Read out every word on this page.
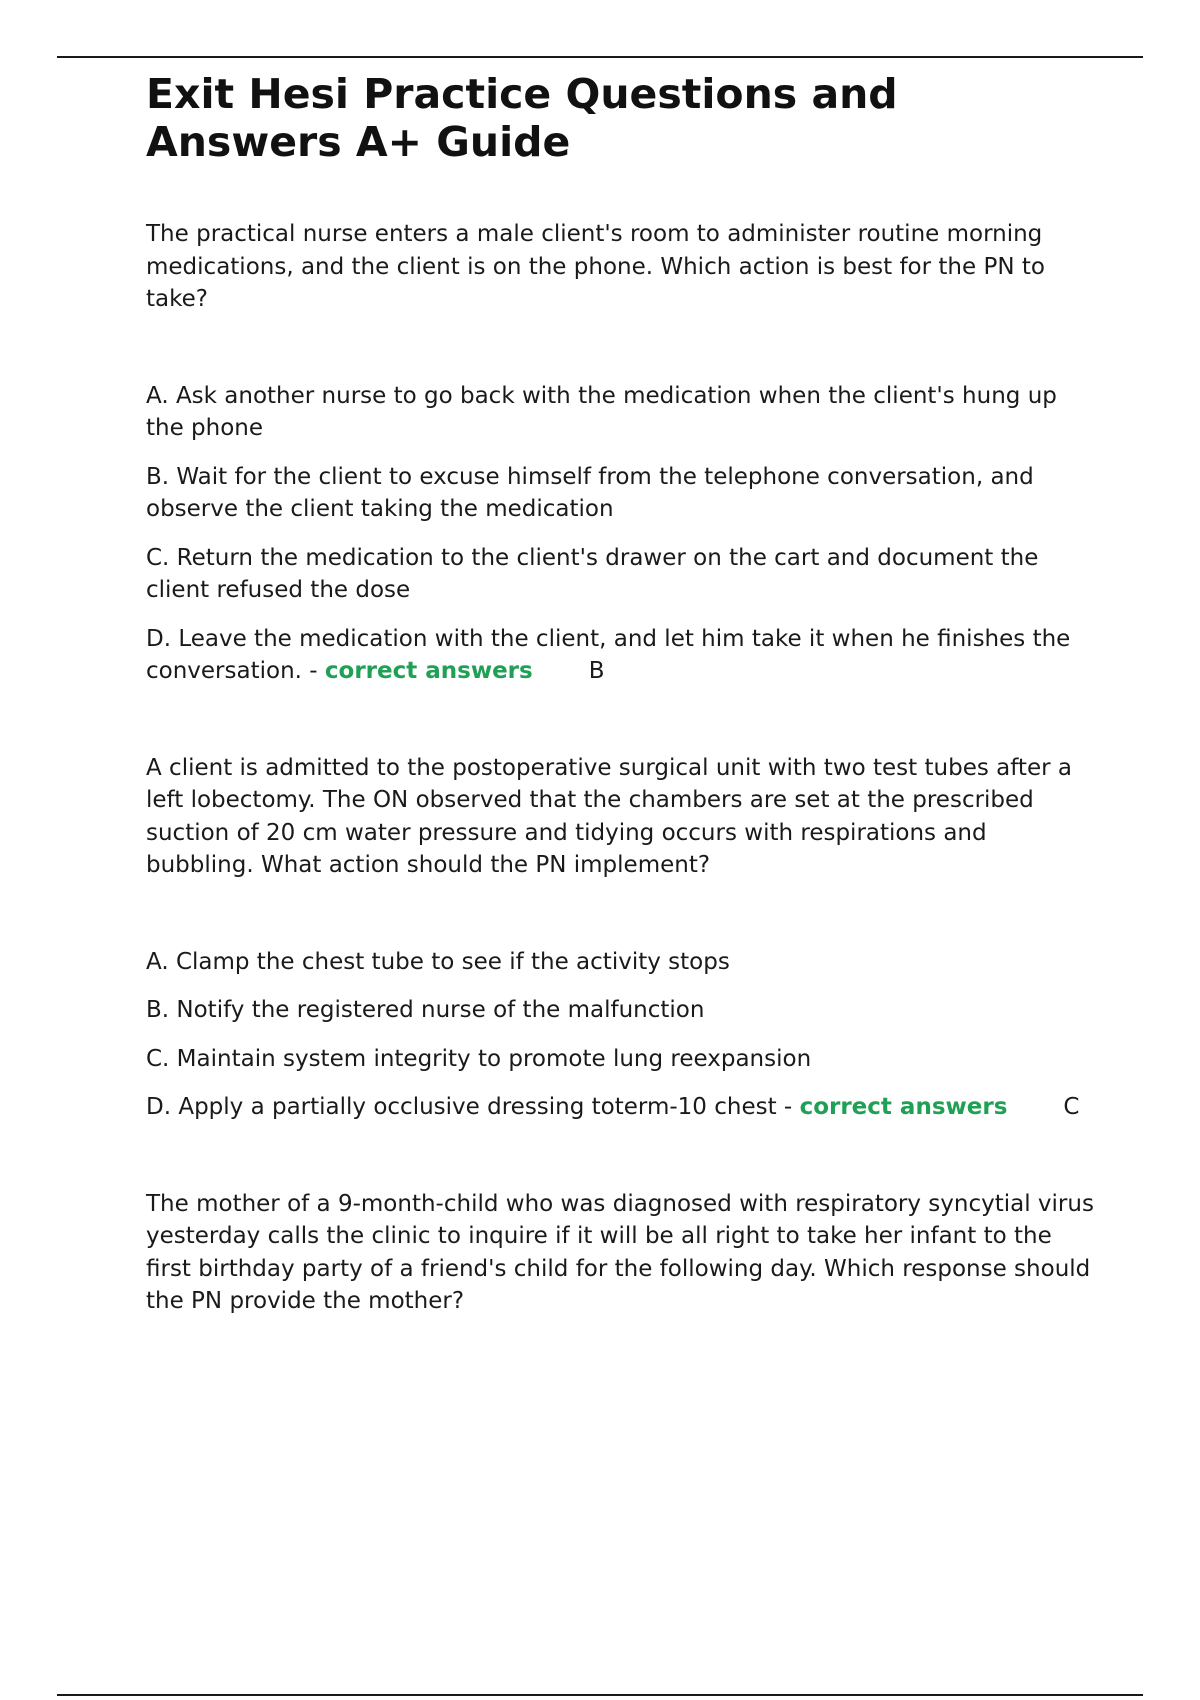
Exit Hesi Practice Questions and Answers A+ Guide

The practical nurse enters a male client's room to administer routine morning medications, and the client is on the phone. Which action is best for the PN to take?

A. Ask another nurse to go back with the medication when the client's hung up the phone

B. Wait for the client to excuse himself from the telephone conversation, and observe the client taking the medication

C. Return the medication to the client's drawer on the cart and document the client refused the dose

D. Leave the medication with the client, and let him take it when he finishes the conversation. - correct answers B

A client is admitted to the postoperative surgical unit with two test tubes after a left lobectomy. The ON observed that the chambers are set at the prescribed suction of 20 cm water pressure and tidying occurs with respirations and bubbling. What action should the PN implement?

A. Clamp the chest tube to see if the activity stops

B. Notify the registered nurse of the malfunction

C. Maintain system integrity to promote lung reexpansion

D. Apply a partially occlusive dressing toterm-10 chest - correct answers C

The mother of a 9-month-child who was diagnosed with respiratory syncytial virus yesterday calls the clinic to inquire if it will be all right to take her infant to the first birthday party of a friend's child for the following day. Which response should the PN provide the mother?
